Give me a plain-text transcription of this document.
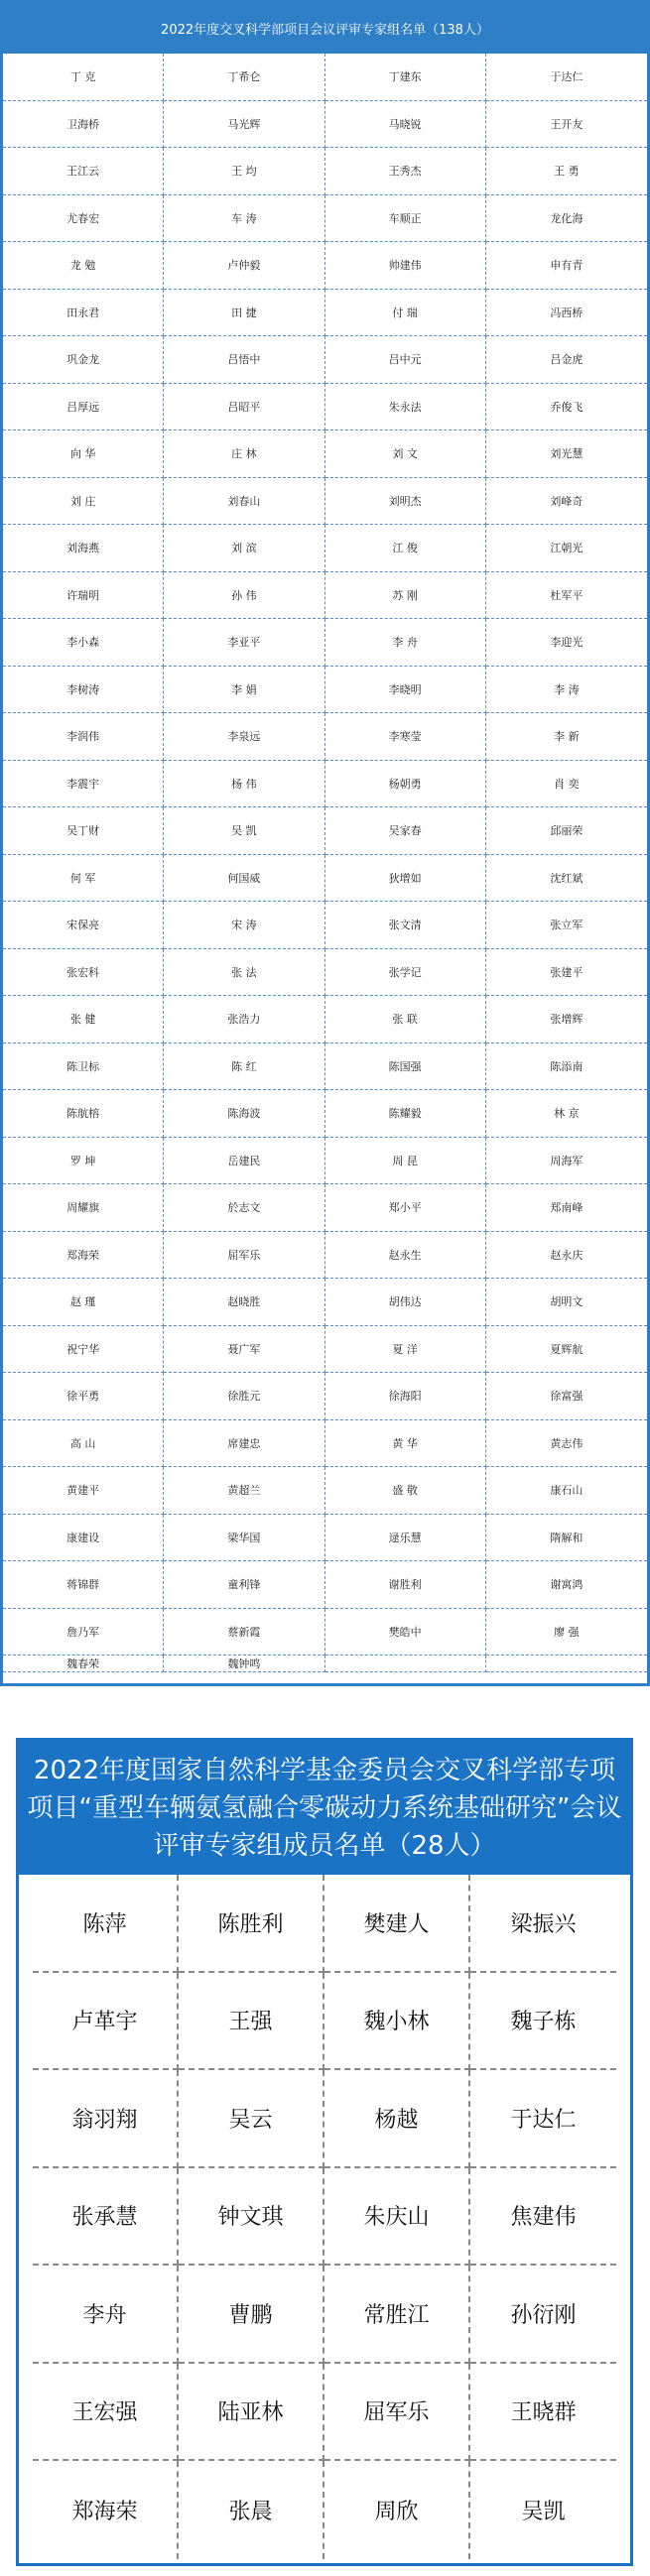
2022年度交叉科学部项目会议评审专家组名单（138人）
丁 克	丁希仑	丁建东	于达仁
卫海桥	马光辉	马晓锐	王开友
王江云	王 均	王秀杰	王 勇
尤春宏	车 涛	车顺正	龙化海
龙 勉	卢仲毅	帅建伟	申有青
田永君	田 捷	付 瑞	冯西桥
巩金龙	吕悟中	吕中元	吕金虎
吕厚远	吕昭平	朱永法	乔俊飞
向 华	庄 林	刘 文	刘光慧
刘 庄	刘春山	刘明杰	刘峰奇
刘海燕	刘 滨	江 俊	江朝光
许瑞明	孙 伟	苏 刚	杜军平
李小森	李亚平	李 舟	李迎光
李树涛	李 娟	李晓明	李 涛
李润伟	李泉远	李寒莹	李 新
李震宇	杨 伟	杨朝勇	肖 奕
吴丁财	吴 凯	吴家春	邱丽荣
何 军	何国威	狄增如	沈红斌
宋保亮	宋 涛	张文清	张立军
张宏科	张 法	张学记	张建平
张 健	张浩力	张 联	张增辉
陈卫标	陈 红	陈国强	陈添南
陈航榕	陈海波	陈耀毅	林 京
罗 坤	岳建民	周 昆	周海军
周耀旗	於志文	郑小平	郑南峰
郑海荣	屈军乐	赵永生	赵永庆
赵 瑾	赵晓胜	胡伟达	胡明文
祝宁华	聂广军	夏 洋	夏辉航
徐平勇	徐胜元	徐海阳	徐富强
高 山	席建忠	黄 华	黄志伟
黄建平	黄超兰	盛 敬	康石山
康建设	梁华国	逯乐慧	隋解和
蒋锦群	童利锋	谢胜利	谢寓鸿
詹乃军	蔡新霞	樊皓中	廖 强
魏春荣	魏钟鸣
2022年度国家自然科学基金委员会交叉科学部专项项目“重型车辆氨氢融合零碳动力系统基础研究”会议评审专家组成员名单（28人）
陈萍	陈胜利	樊建人	梁振兴
卢革宇	王强	魏小林	魏子栋
翁羽翔	吴云	杨越	于达仁
张承慧	钟文琪	朱庆山	焦建伟
李舟	曹鹏	常胜江	孙衍刚
王宏强	陆亚林	屈军乐	王晓群
郑海荣	张晨	周欣	吴凯
